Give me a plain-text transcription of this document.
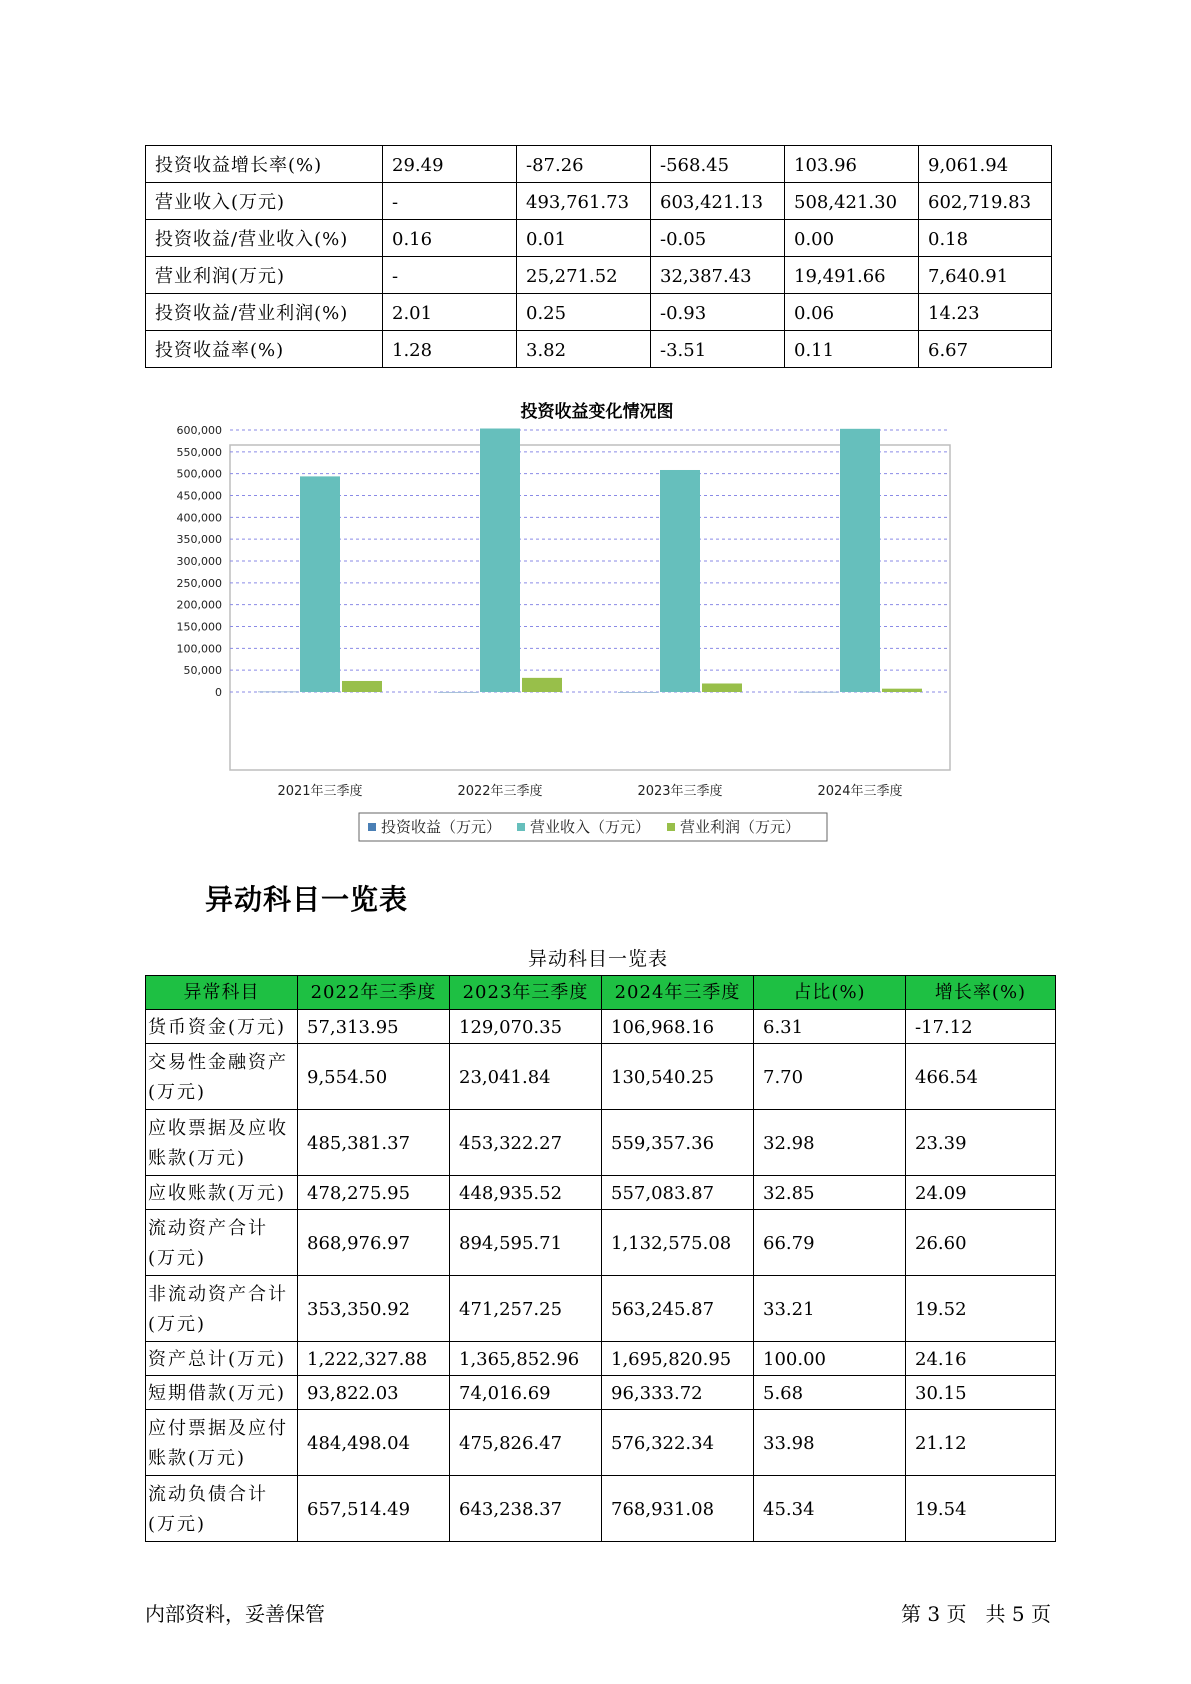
投资收益增长率(%)	29.49	-87.26	-568.45	103.96	9,061.94
营业收入(万元)	-	493,761.73	603,421.13	508,421.30	602,719.83
投资收益/营业收入(%)	0.16	0.01	-0.05	0.00	0.18
营业利润(万元)	-	25,271.52	32,387.43	19,491.66	7,640.91
投资收益/营业利润(%)	2.01	0.25	-0.93	0.06	14.23
投资收益率(%)	1.28	3.82	-3.51	0.11	6.67
投资收益变化情况图
600,000
550,000
500,000
450,000
400,000
350,000
300,000
250,000
200,000
150,000
100,000
50,000
0
2021年三季度	2022年三季度	2023年三季度	2024年三季度
投资收益（万元） 营业收入（万元） 营业利润（万元）
异动科目一览表
异动科目一览表
异常科目	2022年三季度	2023年三季度	2024年三季度	占比(%)	增长率(%)
货币资金(万元)	57,313.95	129,070.35	106,968.16	6.31	-17.12
交易性金融资产(万元)	9,554.50	23,041.84	130,540.25	7.70	466.54
应收票据及应收账款(万元)	485,381.37	453,322.27	559,357.36	32.98	23.39
应收账款(万元)	478,275.95	448,935.52	557,083.87	32.85	24.09
流动资产合计(万元)	868,976.97	894,595.71	1,132,575.08	66.79	26.60
非流动资产合计(万元)	353,350.92	471,257.25	563,245.87	33.21	19.52
资产总计(万元)	1,222,327.88	1,365,852.96	1,695,820.95	100.00	24.16
短期借款(万元)	93,822.03	74,016.69	96,333.72	5.68	30.15
应付票据及应付账款(万元)	484,498.04	475,826.47	576,322.34	33.98	21.12
流动负债合计(万元)	657,514.49	643,238.37	768,931.08	45.34	19.54
内部资料，妥善保管	第 3 页   共 5 页
